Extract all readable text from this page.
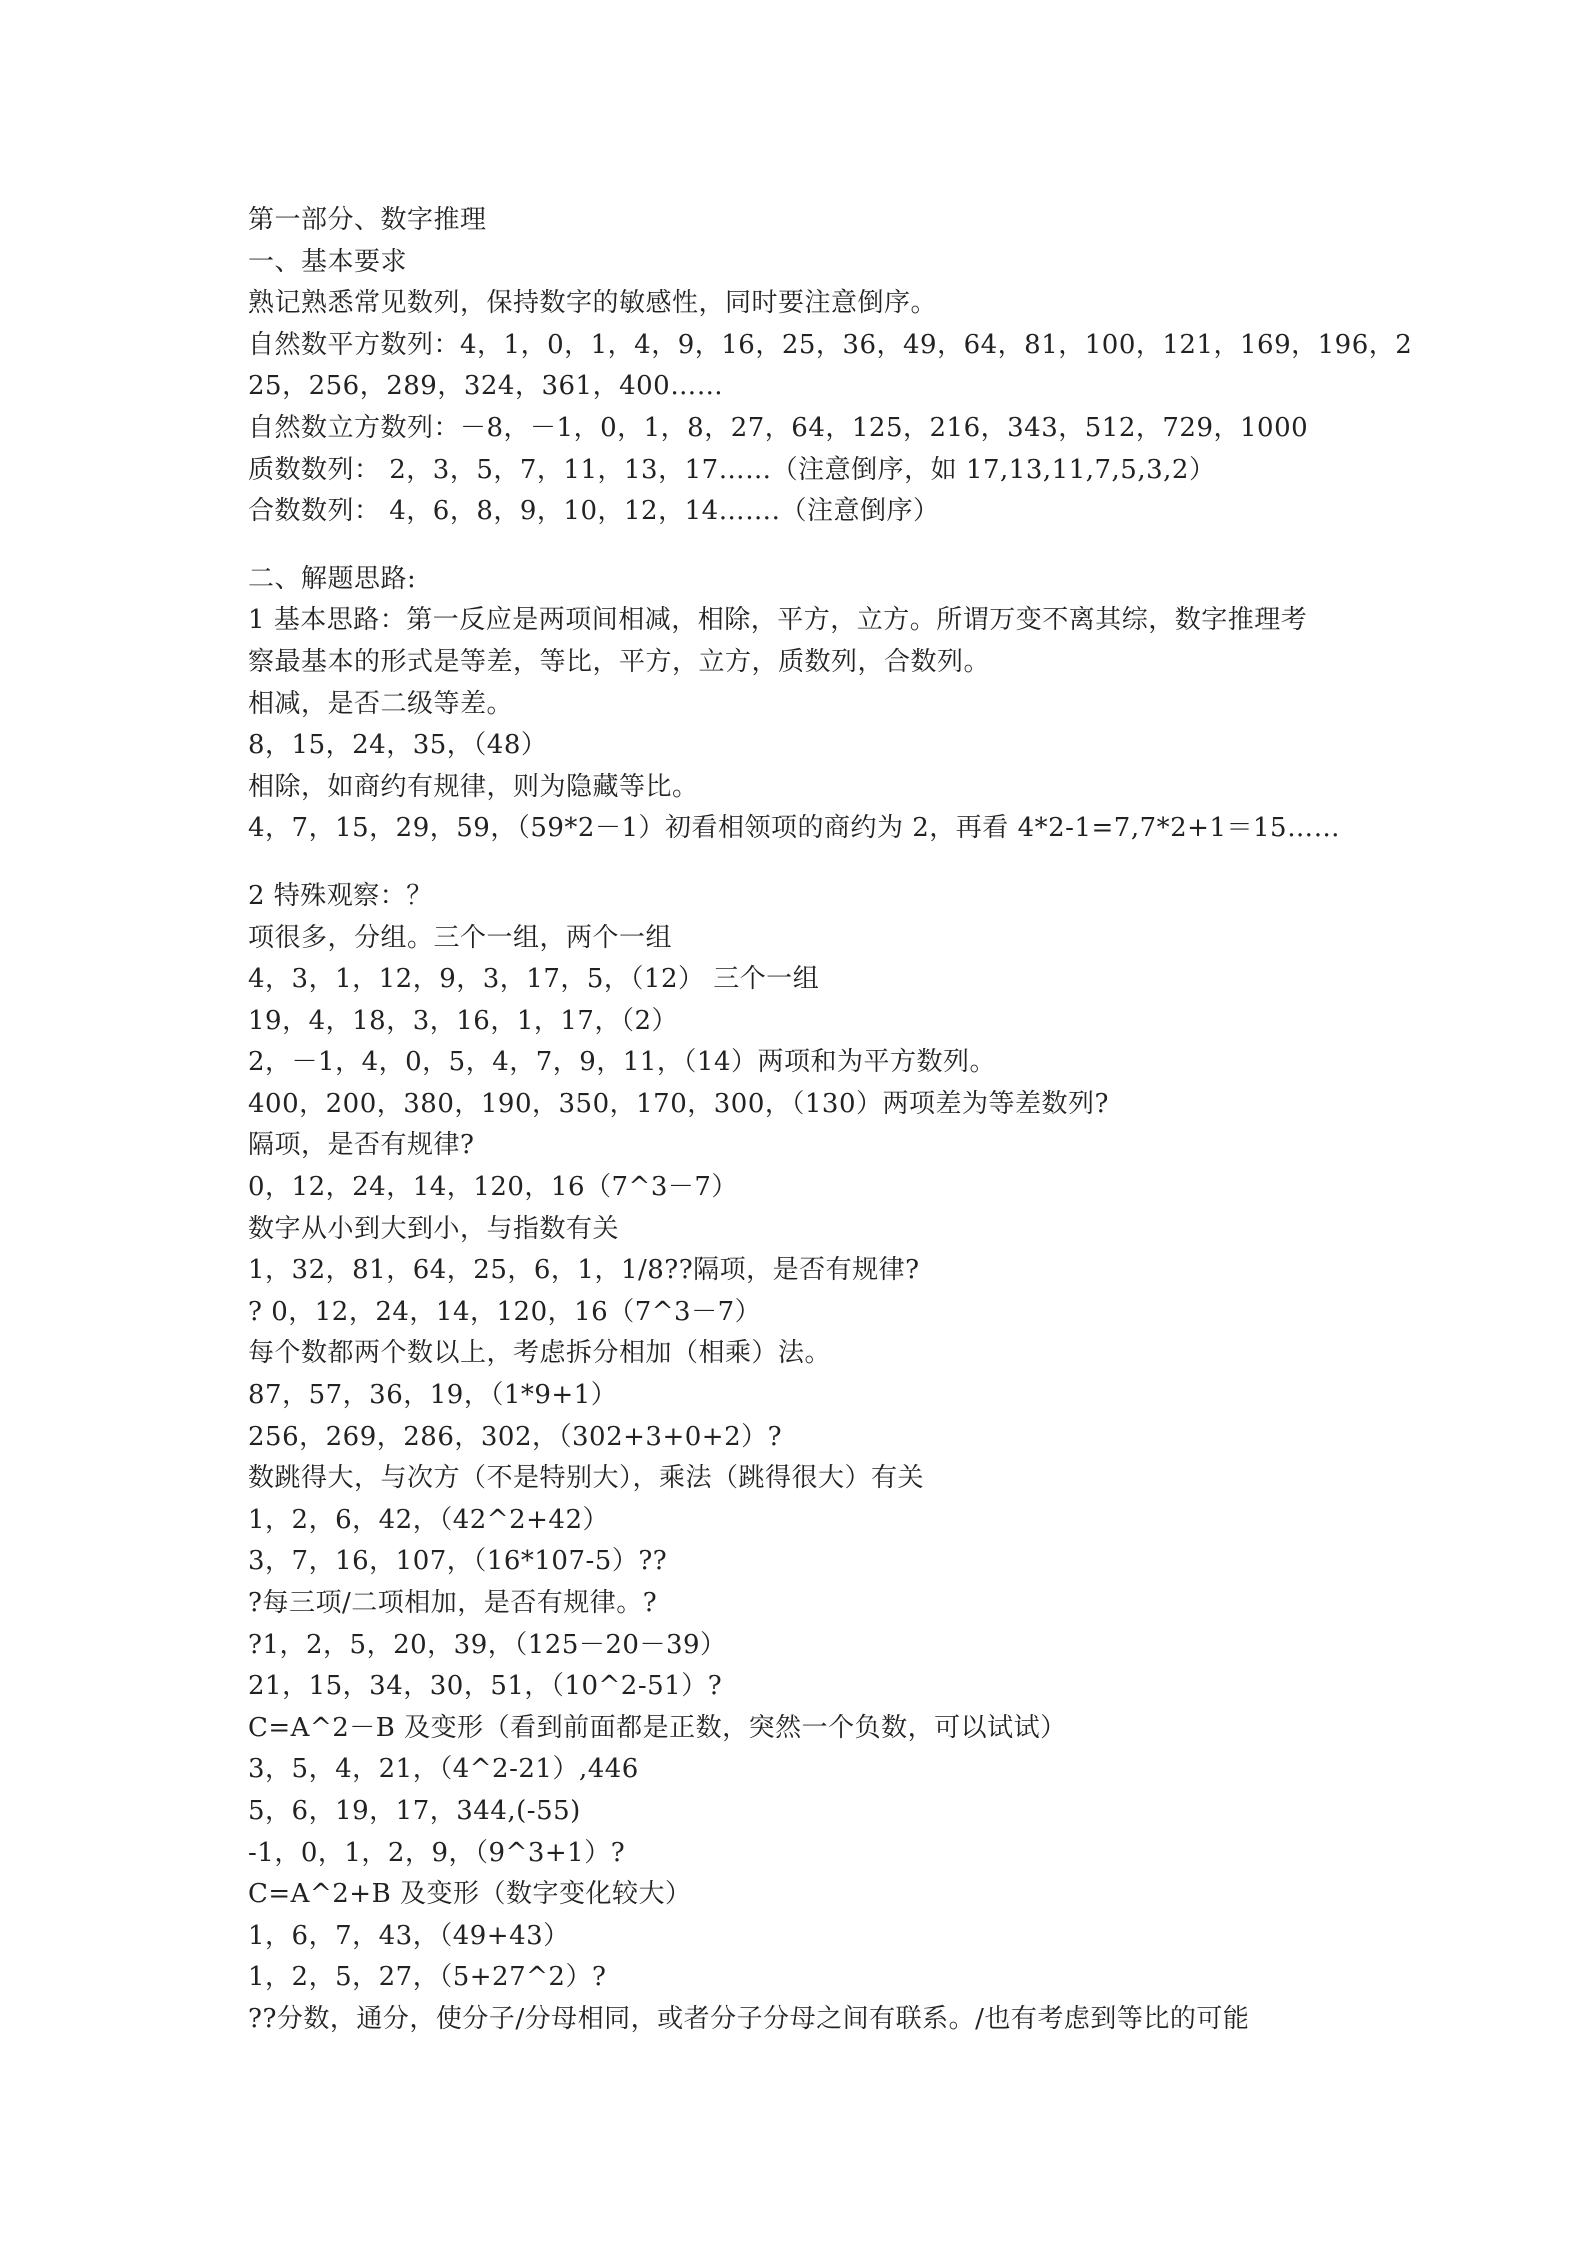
第一部分、数字推理
一、基本要求
熟记熟悉常见数列，保持数字的敏感性，同时要注意倒序。
自然数平方数列：4，1，0，1，4，9，16，25，36，49，64，81，100，121，169，196，2
25，256，289，324，361，400……
自然数立方数列：－8，－1，0，1，8，27，64，125，216，343，512，729，1000
质数数列： 2，3，5，7，11，13，17……（注意倒序，如 17,13,11,7,5,3,2）
合数数列： 4，6，8，9，10，12，14…….（注意倒序）
二、解题思路:
1 基本思路：第一反应是两项间相减，相除，平方，立方。所谓万变不离其综，数字推理考
察最基本的形式是等差，等比，平方，立方，质数列，合数列。
相减，是否二级等差。
8，15，24，35，（48）
相除，如商约有规律，则为隐藏等比。
4，7，15，29，59，（59*2－1）初看相领项的商约为 2，再看 4*2-1=7,7*2+1＝15……
2 特殊观察：？
项很多，分组。三个一组，两个一组
4，3，1，12，9，3，17，5，（12） 三个一组
19，4，18，3，16，1，17，（2）
2，－1，4，0，5，4，7，9，11，（14）两项和为平方数列。
400，200，380，190，350，170，300，（130）两项差为等差数列?
隔项，是否有规律?
0，12，24，14，120，16（7^3－7）
数字从小到大到小，与指数有关
1，32，81，64，25，6，1，1/8??隔项，是否有规律?
? 0，12，24，14，120，16（7^3－7）
每个数都两个数以上，考虑拆分相加（相乘）法。
87，57，36，19，（1*9+1）
256，269，286，302，（302+3+0+2）?
数跳得大，与次方（不是特别大），乘法（跳得很大）有关
1，2，6，42，（42^2+42）
3，7，16，107，（16*107-5）??
?每三项/二项相加，是否有规律。?
?1，2，5，20，39，（125－20－39）
21，15，34，30，51，（10^2-51）?
C=A^2－B 及变形（看到前面都是正数，突然一个负数，可以试试）
3，5，4，21，（4^2-21）,446
5，6，19，17，344,(-55)
-1，0，1，2，9，（9^3+1）?
C=A^2+B 及变形（数字变化较大）
1，6，7，43，（49+43）
1，2，5，27，（5+27^2）?
??分数，通分，使分子/分母相同，或者分子分母之间有联系。/也有考虑到等比的可能
